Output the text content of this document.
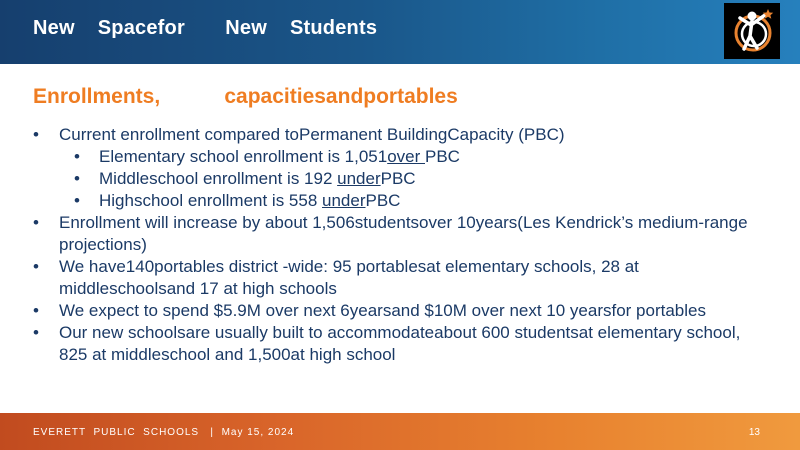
New    Spacefor       New    Students
Enrollments,           capacitiesandportables
• Current enrollment compared toPermanent BuildingCapacity (PBC)
• Elementary school enrollment is 1,051over PBC
• Middleschool enrollment is 192 underPBC
• Highschool enrollment is 558 underPBC
• Enrollment will increase by about 1,506studentsover 10years(Les Kendrick’s medium-range projections)
• We have140portables district -wide: 95 portablesat elementary schools, 28 at middleschoolsand 17 at high schools
• We expect to spend $5.9M over next 6yearsand $10M over next 10 yearsfor portables
• Our new schoolsare usually built to accommodateabout 600 studentsat elementary school, 825 at middleschool and 1,500at high school
EVERETT  PUBLIC  SCHOOLS   |  May 15, 2024	13
